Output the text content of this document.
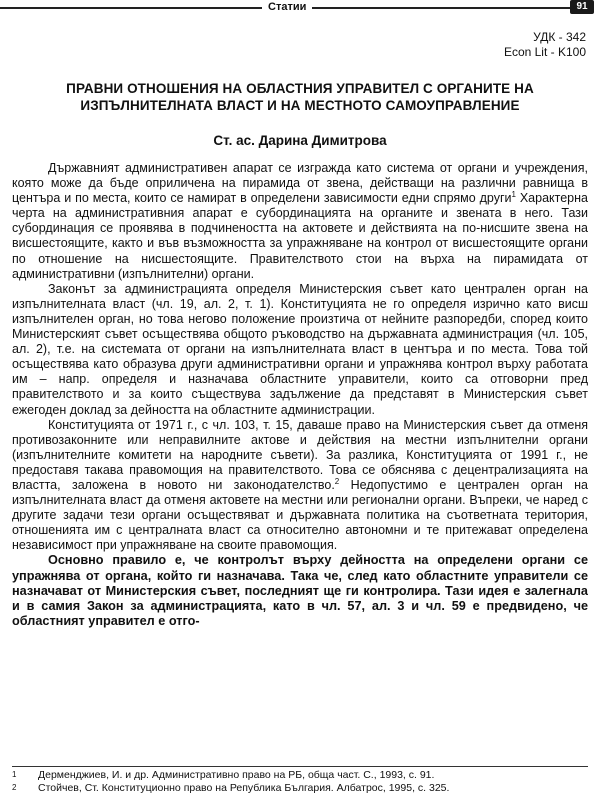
Статии	91
УДК - 342
Econ Lit - K100
ПРАВНИ ОТНОШЕНИЯ НА ОБЛАСТНИЯ УПРАВИТЕЛ С ОРГАНИТЕ НА
ИЗПЪЛНИТЕЛНАТА ВЛАСТ И НА МЕСТНОТО САМОУПРАВЛЕНИЕ
Ст. ас. Дарина Димитрова

Държавният административен апарат се изгражда като система от органи и учреждения, която може да бъде оприличена на пирамида от звена, действащи на различни равнища в центъра и по места, които се намират в определени зависимости едни спрямо други$^1$ Характерна черта на административния апарат е субординацията на органите и звената в него. Тази субординация се проявява в подчинеността на актовете и действията на по-нисшите звена на висшестоящите, както и във възможността за упражняване на контрол от висшестоящите органи по отношение на нисшестоящите. Правителството стои на върха на пирамидата от административни (изпълнителни) органи.

Законът за администрацията определя Министерския съвет като централен орган на изпълнителната власт (чл. 19, ал. 2, т. 1). Конституцията не го определя изрично като висш изпълнителен орган, но това негово положение произтича от нейните разпоредби, според които Министерският съвет осъществява общото ръководство на държавната администрация (чл. 105, ал. 2), т.е. на системата от органи на изпълнителната власт в центъра и по места. Това той осъществява като образува други административни органи и упражнява контрол върху работата им – напр. определя и назначава областните управители, които са отговорни пред правителството и за които съществува задължение да представят в Министерския съвет ежегоден доклад за дейността на областните администрации.

Конституцията от 1971 г., с чл. 103, т. 15, даваше право на Министерския съвет да отменя противозаконните или неправилните актове и действия на местни изпълнителни органи (изпълнителните комитети на народните съвети). За разлика, Конституцията от 1991 г., не предоставя такава правомощия на правителството. Това се обяснява с децентрализацията на властта, заложена в новото ни законодателство.$^2$ Недопустимо е централен орган на изпълнителната власт да отменя актовете на местни или регионални органи. Въпреки, че наред с другите задачи тези органи осъществяват и държавната политика на съответната територия, отношенията им с централната власт са относително автономни и те притежават определена независимост при упражняване на своите правомощия.

Основно правило е, че контролът върху дейността на определени органи се упражнява от органа, който ги назначава. Така че, след като областните управители се назначават от Министерския съвет, последният ще ги контролира. Тази идея е залегнала и в самия Закон за администрацията, като в чл. 57, ал. 3 и чл. 59 е предвидено, че областният управител е отго-

1 Дерменджиев, И. и др. Административно право на РБ, обща част. С., 1993, с. 91.
2 Стойчев, Ст. Конституционно право на Република България. Албатрос, 1995, с. 325.
